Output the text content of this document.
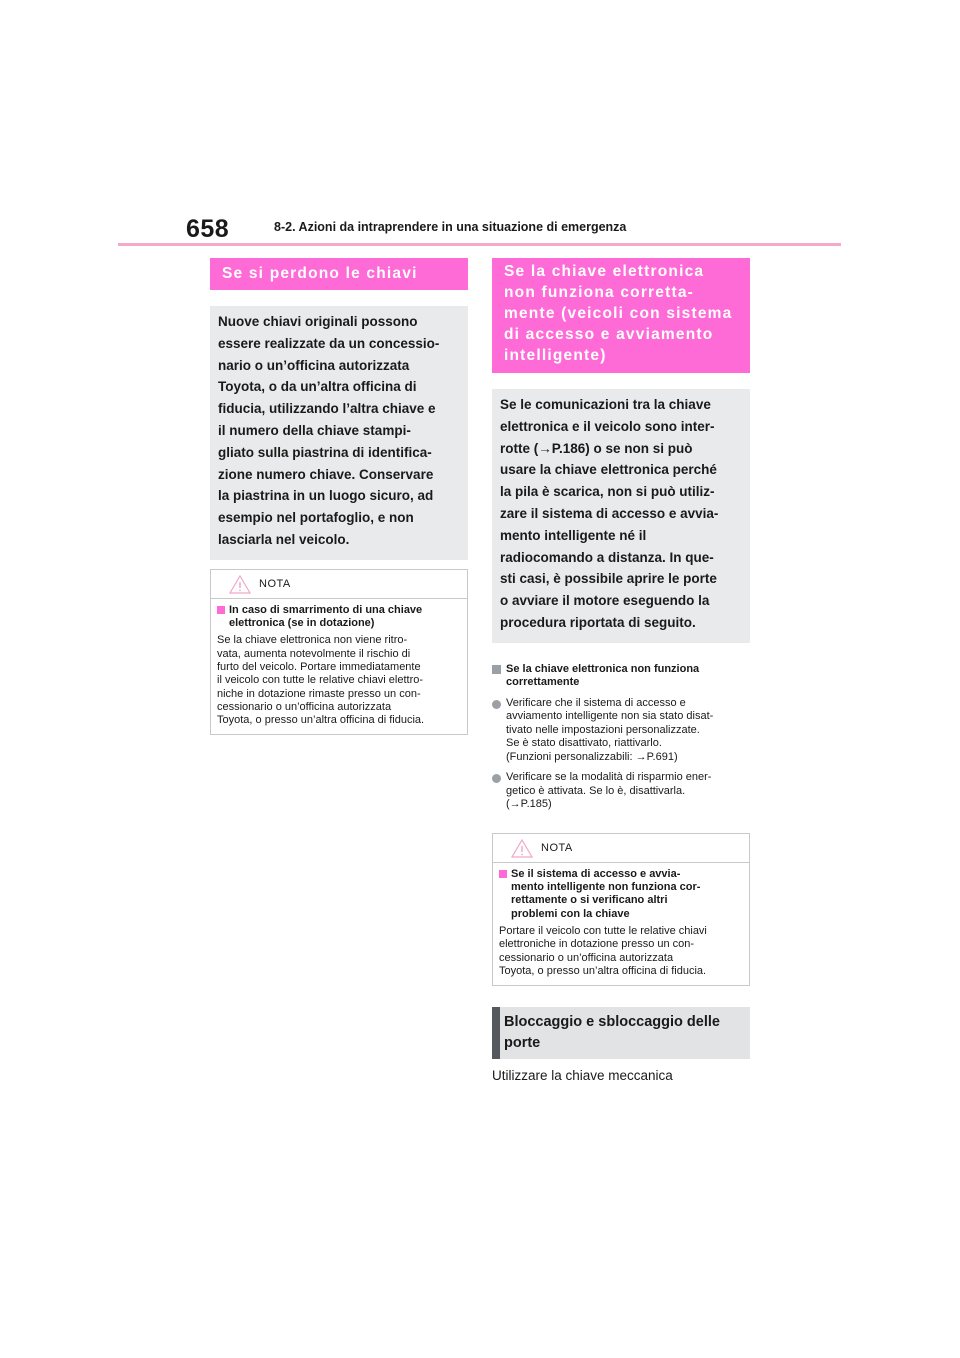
658	8-2. Azioni da intraprendere in una situazione di emergenza
Se si perdono le chiavi
Nuove chiavi originali possono
essere realizzate da un concessio-
nario o un’officina autorizzata
Toyota, o da un’altra officina di
fiducia, utilizzando l’altra chiave e
il numero della chiave stampi-
gliato sulla piastrina di identifica-
zione numero chiave. Conservare
la piastrina in un luogo sicuro, ad
esempio nel portafoglio, e non
lasciarla nel veicolo.
NOTA
In caso di smarrimento di una chiave
elettronica (se in dotazione)
Se la chiave elettronica non viene ritro-
vata, aumenta notevolmente il rischio di
furto del veicolo. Portare immediatamente
il veicolo con tutte le relative chiavi elettro-
niche in dotazione rimaste presso un con-
cessionario o un’officina autorizzata
Toyota, o presso un’altra officina di fiducia.
Se la chiave elettronica
non funziona corretta-
mente (veicoli con sistema
di accesso e avviamento
intelligente)
Se le comunicazioni tra la chiave
elettronica e il veicolo sono inter-
rotte (→P.186) o se non si può
usare la chiave elettronica perché
la pila è scarica, non si può utiliz-
zare il sistema di accesso e avvia-
mento intelligente né il
radiocomando a distanza. In que-
sti casi, è possibile aprire le porte
o avviare il motore eseguendo la
procedura riportata di seguito.
Se la chiave elettronica non funziona
correttamente
Verificare che il sistema di accesso e
avviamento intelligente non sia stato disat-
tivato nelle impostazioni personalizzate.
Se è stato disattivato, riattivarlo.
(Funzioni personalizzabili: →P.691)
Verificare se la modalità di risparmio ener-
getico è attivata. Se lo è, disattivarla.
(→P.185)
NOTA
Se il sistema di accesso e avvia-
mento intelligente non funziona cor-
rettamente o si verificano altri
problemi con la chiave
Portare il veicolo con tutte le relative chiavi
elettroniche in dotazione presso un con-
cessionario o un’officina autorizzata
Toyota, o presso un’altra officina di fiducia.
Bloccaggio e sbloccaggio delle
porte
Utilizzare la chiave meccanica
